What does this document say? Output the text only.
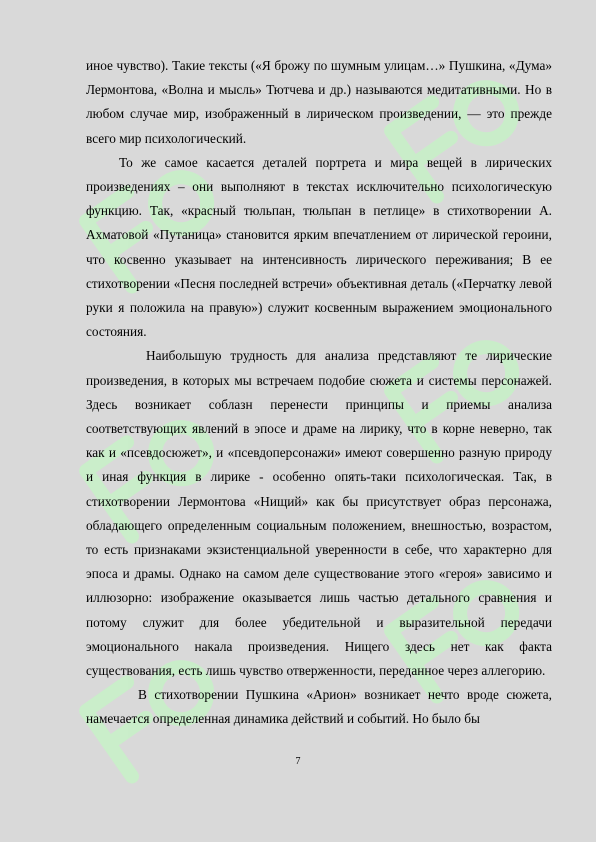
иное чувство). Такие тексты («Я брожу по шумным улицам…» Пушкина, «Дума» Лермонтова, «Волна и мысль» Тютчева и др.) называются медитативными. Но в любом случае мир, изображенный в лирическом произведении, — это прежде всего мир психологический.

То же самое касается деталей портрета и мира вещей в лирических произведениях – они выполняют в текстах исключительно психологическую функцию. Так, «красный тюльпан, тюльпан в петлице» в стихотворении А. Ахматовой «Путаница» становится ярким впечатлением от лирической героини, что косвенно указывает на интенсивность лирического переживания; В ее стихотворении «Песня последней встречи» объективная деталь («Перчатку левой руки я положила на правую») служит косвенным выражением эмоционального состояния.

Наибольшую трудность для анализа представляют те лирические произведения, в которых мы встречаем подобие сюжета и системы персонажей. Здесь возникает соблазн перенести принципы и приемы анализа соответствующих явлений в эпосе и драме на лирику, что в корне неверно, так как и «псевдосюжет», и «псевдоперсонажи» имеют совершенно разную природу и иная функция в лирике - особенно опять-таки психологическая. Так, в стихотворении Лермонтова «Нищий» как бы присутствует образ персонажа, обладающего определенным социальным положением, внешностью, возрастом, то есть признаками экзистенциальной уверенности в себе, что характерно для эпоса и драмы. Однако на самом деле существование этого «героя» зависимо и иллюзорно: изображение оказывается лишь частью детального сравнения и потому служит для более убедительной и выразительной передачи эмоционального накала произведения. Нищего здесь нет как факта существования, есть лишь чувство отверженности, переданное через аллегорию.

В стихотворении Пушкина «Арион» возникает нечто вроде сюжета, намечается определенная динамика действий и событий. Но было бы

7
